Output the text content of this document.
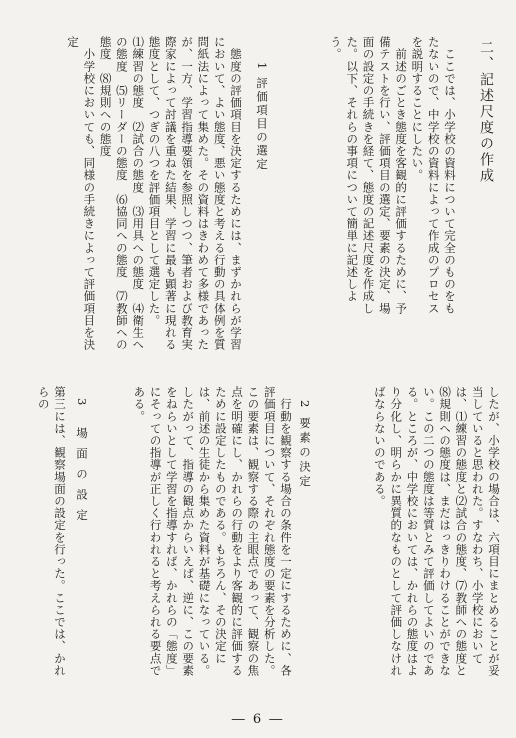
二、記述尺度の作成

　ここでは、小学校の資料について完全のものをもたないので、中学校の資料によって作成のプロセスを説明することにしたい。

　前述のごとき態度を客観的に評価するために、予備テストを行い、評価項目の選定、要素の決定、場面の設定の手続きを経て、態度の記述尺度を作成した。以下、それらの事項について簡単に記述しよう。

1 評価項目の選定

　態度の評価項目を決定するためには、まずかれらが学習において、よい態度、悪い態度と考える行動の具体例を質問紙法によって集めた。その資料はきわめて多様であったが、一方、学習指導要領を参照しつつ、筆者および教育実際家によって討議を重ねた結果、学習に最も顕著に現れる態度として、つぎの八つを評価項目として選定した。

⑴練習の態度　⑵試合の態度　⑶用具への態度　⑷衛生への態度　⑸リーダーの態度　⑹協同への態度　⑺教師への態度　⑻規則への態度

　小学校においても、同様の手続きによって評価項目を決定

したが、小学校の場合は、六項目にまとめることが妥当していると思われた。すなわち、小学校においては、⑴練習の態度と⑵試合の態度、⑺教師への態度と⑻規則への態度は、まだはっきりわけることができない。この二つの態度は等質とみて評価してよいのである。ところが、中学校においては、かれらの態度はより分化し、明らかに異質的なものとして評価しなければならないのである。

2 要素の決定

　行動を観察する場合の条件を一定にするために、各評価項目について、それぞれ態度の要素を分析した。この要素は、観察する際の主眼点であって、観察の焦点を明確にし、かれらの行動をより客観的に評価するために設定したものである。もちろん、その決定には、前述の生徒から集めた資料が基礎になっている。したがって、指導の観点からいえば、逆に、この要素をねらいとして学習を指導すれば、かれらの「態度」にそっての指導が正しく行われると考えられる要点である。

3 場面の設定

第三には、観察場面の設定を行った。ここでは、かれらの

― 6 ―
